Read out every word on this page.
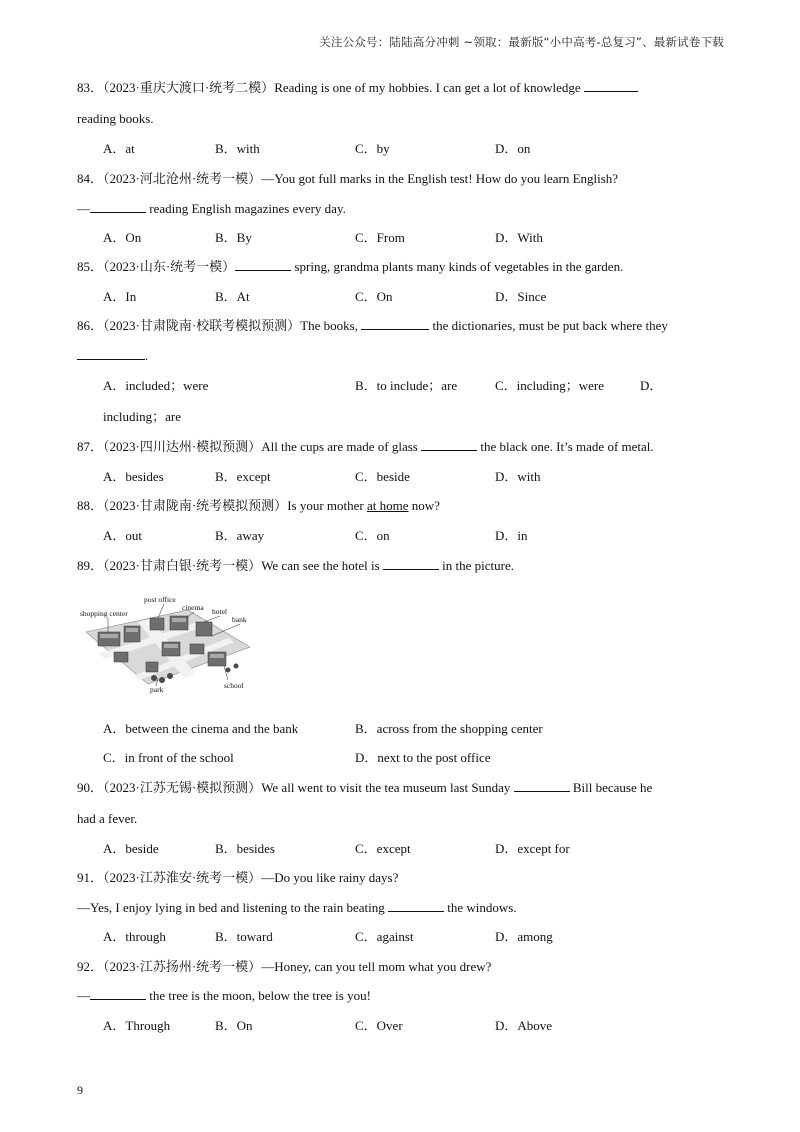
关注公众号：陆陆高分冲刺 ~领取：最新版“小中高考-总复习”、最新试卷下载
83．（2023·重庆大渡口·统考二模）Reading is one of my hobbies. I can get a lot of knowledge
reading books.
A．at	B．with	C．by	D．on
84．（2023·河北沧州·统考一模）—You got full marks in the English test! How do you learn English?
—	reading English magazines every day.
A．On	B．By	C．From	D．With
85．（2023·山东·统考一模）	spring, grandma plants many kinds of vegetables in the garden.
A．In	B．At	C．On	D．Since
86．（2023·甘肃陇南·校联考模拟预测）The books,	the dictionaries, must be put back where they
.
A．included；were	B．to include；are	C．including；were	D．
including；are
87．（2023·四川达州·模拟预测）All the cups are made of glass	the black one. It’s made of metal.
A．besides	B．except	C．beside	D．with
88．（2023·甘肃陇南·统考模拟预测）Is your mother at home now?
A．out	B．away	C．on	D．in
89．（2023·甘肃白银·统考一模）We can see the hotel is	in the picture.
shopping center
post office
cinema hotel
bank
park	school
A．between the cinema and the bank	B．across from the shopping center
C．in front of the school	D．next to the post office
90．（2023·江苏无锡·模拟预测）We all went to visit the tea museum last Sunday	Bill because he
had a fever.
A．beside	B．besides	C．except	D．except for
91．（2023·江苏淮安·统考一模）—Do you like rainy days?
—Yes, I enjoy lying in bed and listening to the rain beating	the windows.
A．through	B．toward	C．against	D．among
92．（2023·江苏扬州·统考一模）—Honey, can you tell mom what you drew?
—	the tree is the moon, below the tree is you!
A．Through	B．On	C．Over	D．Above
9
